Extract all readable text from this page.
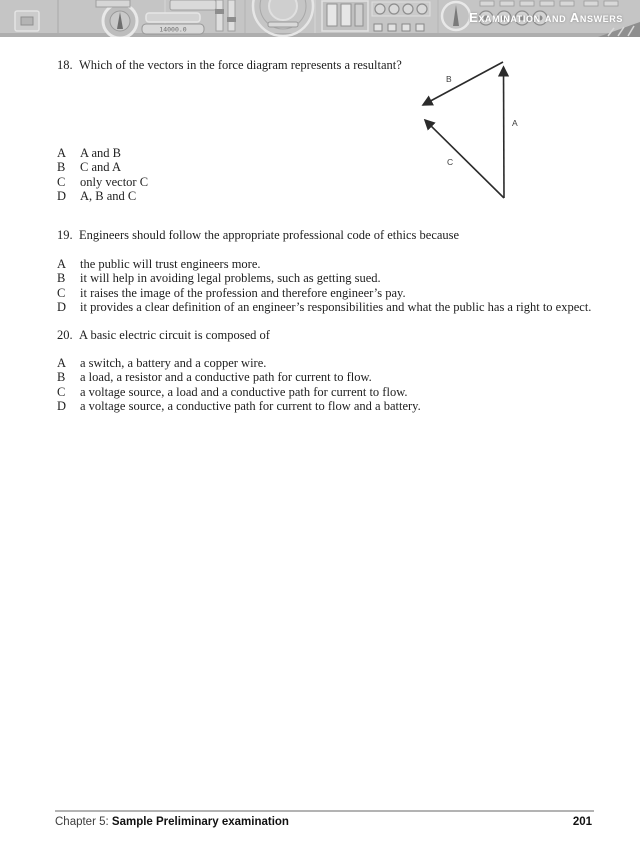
14000.0
Examination and Answers
18. Which of the vectors in the force diagram represents a resultant?
A
B
C
A	A and B
B	C and A
C	only vector C
D	A, B and C
19. Engineers should follow the appropriate professional code of ethics because
A	the public will trust engineers more.
B	it will help in avoiding legal problems, such as getting sued.
C	it raises the image of the profession and therefore engineer’s pay.
D	it provides a clear definition of an engineer’s responsibilities and what the public has a right to expect.
20. A basic electric circuit is composed of
A	a switch, a battery and a copper wire.
B	a load, a resistor and a conductive path for current to flow.
C	a voltage source, a load and a conductive path for current to flow.
D	a voltage source, a conductive path for current to flow and a battery.
Chapter 5: Sample Preliminary examination	201
